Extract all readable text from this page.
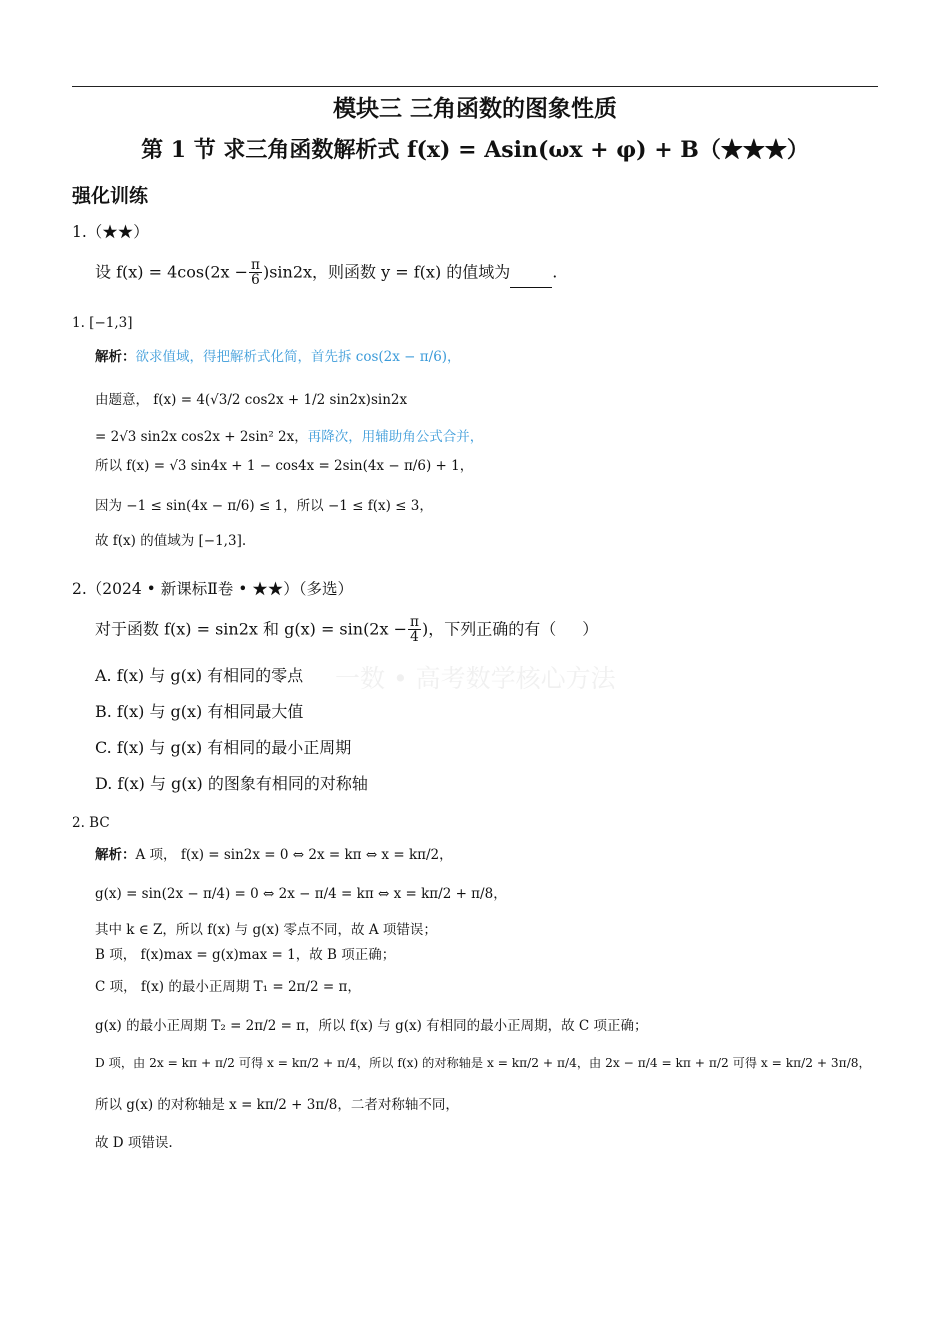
模块三 三角函数的图象性质
第 1 节 求三角函数解析式 f(x) = Asin(ωx + φ) + B（★★★）
强化训练
1.（★★）
设 $f(x) = 4\cos(2x - \frac{\pi}{6} )\sin 2x$，则函数 y = f(x) 的值域为	.
1. [−1,3]
解析：欲求值域，得把解析式化简，首先拆 cos(2x − π/6)，
由题意， f(x) = 4(√3/2 cos2x + 1/2 sin2x)sin2x
= 2√3 sin2x cos2x + 2sin² 2x，再降次，用辅助角公式合并，
所以 f(x) = √3 sin4x + 1 − cos4x = 2sin(4x − π/6) + 1，
因为 −1 ≤ sin(4x − π/6) ≤ 1，所以 −1 ≤ f(x) ≤ 3，
故 f(x) 的值域为 [−1,3].
2.（2024 • 新课标Ⅱ卷 • ★★）（多选）
对于函数 f(x) = sin2x 和 $g(x) = \sin(2x - \frac{\pi}{4}$ )，下列正确的有（ ）
一数 • 高考数学核心方法
A. f(x) 与 g(x) 有相同的零点
B. f(x) 与 g(x) 有相同最大值
C. f(x) 与 g(x) 有相同的最小正周期
D. f(x) 与 g(x) 的图象有相同的对称轴
2. BC
解析：A 项， f(x) = sin2x = 0 ⇔ 2x = kπ ⇔ x = kπ/2，
g(x) = sin(2x − π/4) = 0 ⇔ 2x − π/4 = kπ ⇔ x = kπ/2 + π/8，
其中 k ∈ Z，所以 f(x) 与 g(x) 零点不同，故 A 项错误；
B 项， f(x)max = g(x)max = 1，故 B 项正确；
C 项， f(x) 的最小正周期 T₁ = 2π/2 = π，
g(x) 的最小正周期 T₂ = 2π/2 = π，所以 f(x) 与 g(x) 有相同的最小正周期，故 C 项正确；
D 项，由 2x = kπ + π/2 可得 x = kπ/2 + π/4，所以 f(x) 的对称轴是 x = kπ/2 + π/4，由 2x − π/4 = kπ + π/2 可得 x = kπ/2 + 3π/8，
所以 g(x) 的对称轴是 x = kπ/2 + 3π/8，二者对称轴不同，
故 D 项错误.
